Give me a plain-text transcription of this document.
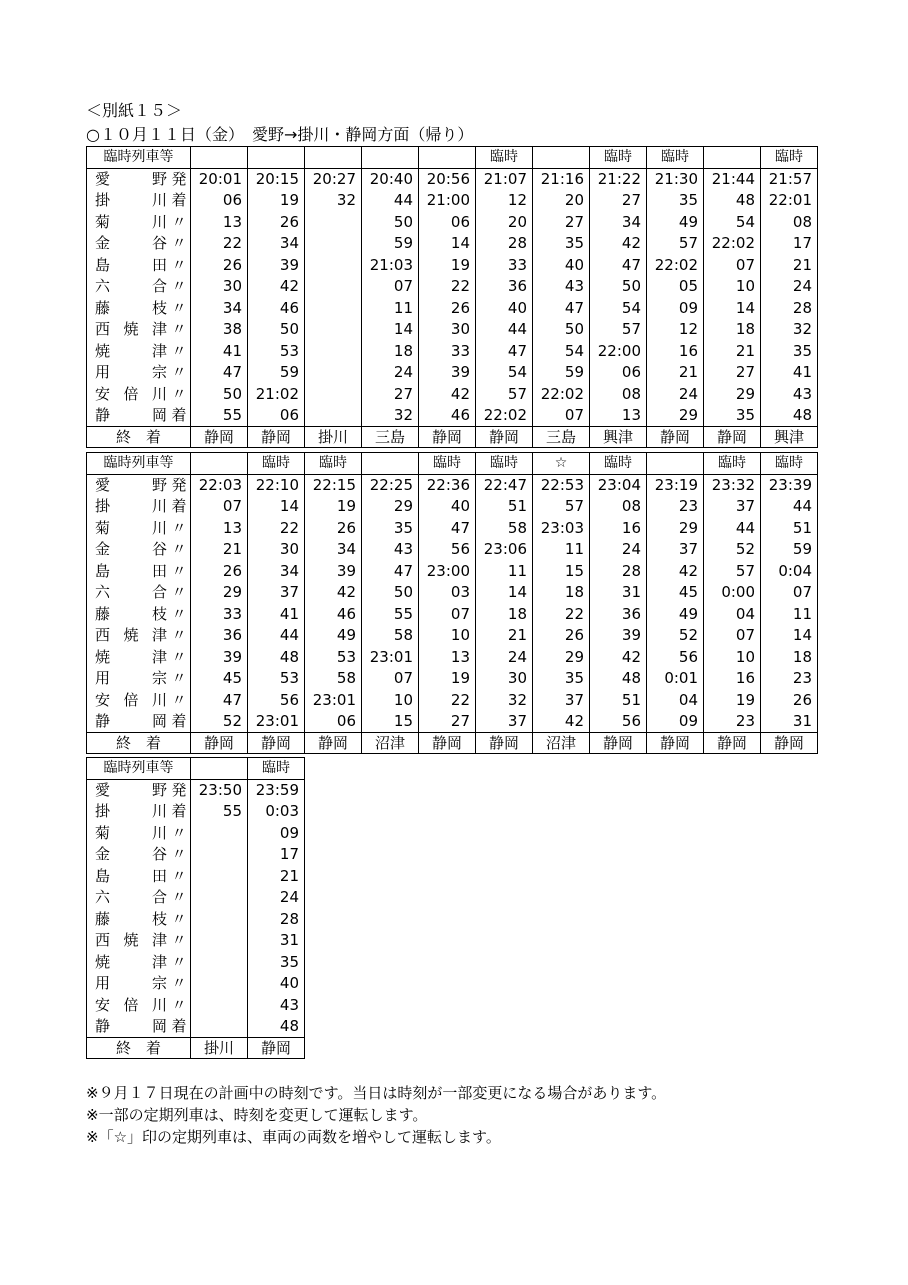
＜別紙１５＞
○１０月１１日（金）　愛野→掛川・静岡方面（帰り）
臨時列車等						臨時		臨時	臨時		臨時
愛　野 発	20:01	20:15	20:27	20:40	20:56	21:07	21:16	21:22	21:30	21:44	21:57
掛　川 着	06	19	32	44	21:00	12	20	27	35	48	22:01
菊　川 〃	13	26		50	06	20	27	34	49	54	08
金　谷 〃	22	34		59	14	28	35	42	57	22:02	17
島　田 〃	26	39		21:03	19	33	40	47	22:02	07	21
六　合 〃	30	42		07	22	36	43	50	05	10	24
藤　枝 〃	34	46		11	26	40	47	54	09	14	28
西焼津 〃	38	50		14	30	44	50	57	12	18	32
焼　津 〃	41	53		18	33	47	54	22:00	16	21	35
用　宗 〃	47	59		24	39	54	59	06	21	27	41
安倍川 〃	50	21:02		27	42	57	22:02	08	24	29	43
静　岡 着	55	06		32	46	22:02	07	13	29	35	48
終　着	静岡	静岡	掛川	三島	静岡	静岡	三島	興津	静岡	静岡	興津
臨時列車等		臨時	臨時		臨時	臨時	☆	臨時		臨時	臨時
愛　野 発	22:03	22:10	22:15	22:25	22:36	22:47	22:53	23:04	23:19	23:32	23:39
掛　川 着	07	14	19	29	40	51	57	08	23	37	44
菊　川 〃	13	22	26	35	47	58	23:03	16	29	44	51
金　谷 〃	21	30	34	43	56	23:06	11	24	37	52	59
島　田 〃	26	34	39	47	23:00	11	15	28	42	57	0:04
六　合 〃	29	37	42	50	03	14	18	31	45	0:00	07
藤　枝 〃	33	41	46	55	07	18	22	36	49	04	11
西焼津 〃	36	44	49	58	10	21	26	39	52	07	14
焼　津 〃	39	48	53	23:01	13	24	29	42	56	10	18
用　宗 〃	45	53	58	07	19	30	35	48	0:01	16	23
安倍川 〃	47	56	23:01	10	22	32	37	51	04	19	26
静　岡 着	52	23:01	06	15	27	37	42	56	09	23	31
終　着	静岡	静岡	静岡	沼津	静岡	静岡	沼津	静岡	静岡	静岡	静岡
臨時列車等		臨時
愛　野 発	23:50	23:59
掛　川 着	55	0:03
菊　川 〃		09
金　谷 〃		17
島　田 〃		21
六　合 〃		24
藤　枝 〃		28
西焼津 〃		31
焼　津 〃		35
用　宗 〃		40
安倍川 〃		43
静　岡 着		48
終　着	掛川	静岡
※９月１７日現在の計画中の時刻です。当日は時刻が一部変更になる場合があります。
※一部の定期列車は、時刻を変更して運転します。
※「☆」印の定期列車は、車両の両数を増やして運転します。
